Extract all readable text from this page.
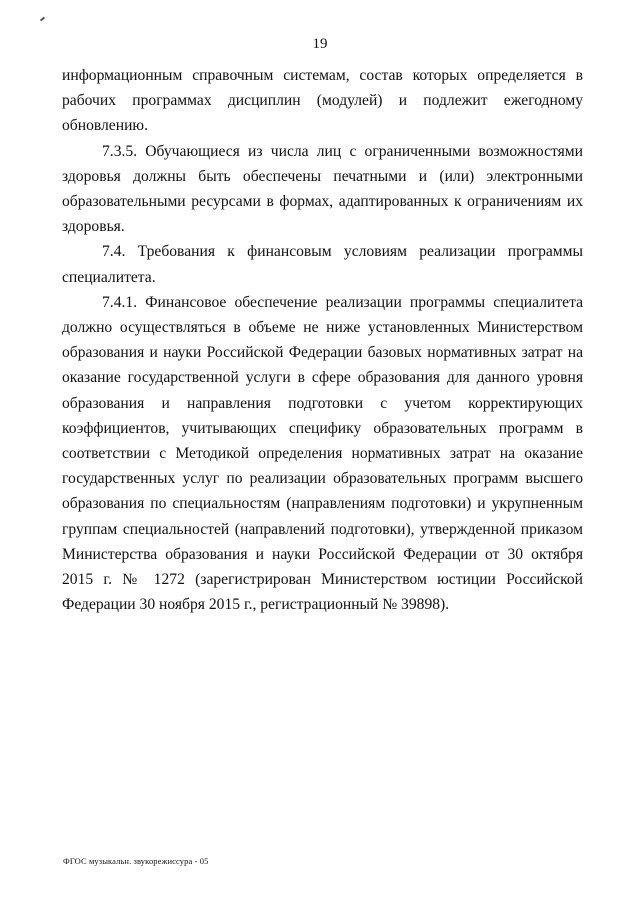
19

информационным справочным системам, состав которых определяется в рабочих программах дисциплин (модулей) и подлежит ежегодному обновлению.

7.3.5. Обучающиеся из числа лиц с ограниченными возможностями здоровья должны быть обеспечены печатными и (или) электронными образовательными ресурсами в формах, адаптированных к ограничениям их здоровья.

7.4. Требования к финансовым условиям реализации программы специалитета.

7.4.1. Финансовое обеспечение реализации программы специалитета должно осуществляться в объеме не ниже установленных Министерством образования и науки Российской Федерации базовых нормативных затрат на оказание государственной услуги в сфере образования для данного уровня образования и направления подготовки с учетом корректирующих коэффициентов, учитывающих специфику образовательных программ в соответствии с Методикой определения нормативных затрат на оказание государственных услуг по реализации образовательных программ высшего образования по специальностям (направлениям подготовки) и укрупненным группам специальностей (направлений подготовки), утвержденной приказом Министерства образования и науки Российской Федерации от 30 октября 2015 г. № 1272 (зарегистрирован Министерством юстиции Российской Федерации 30 ноября 2015 г., регистрационный № 39898).

ФГОС музыкальн. звукорежиссура - 05
